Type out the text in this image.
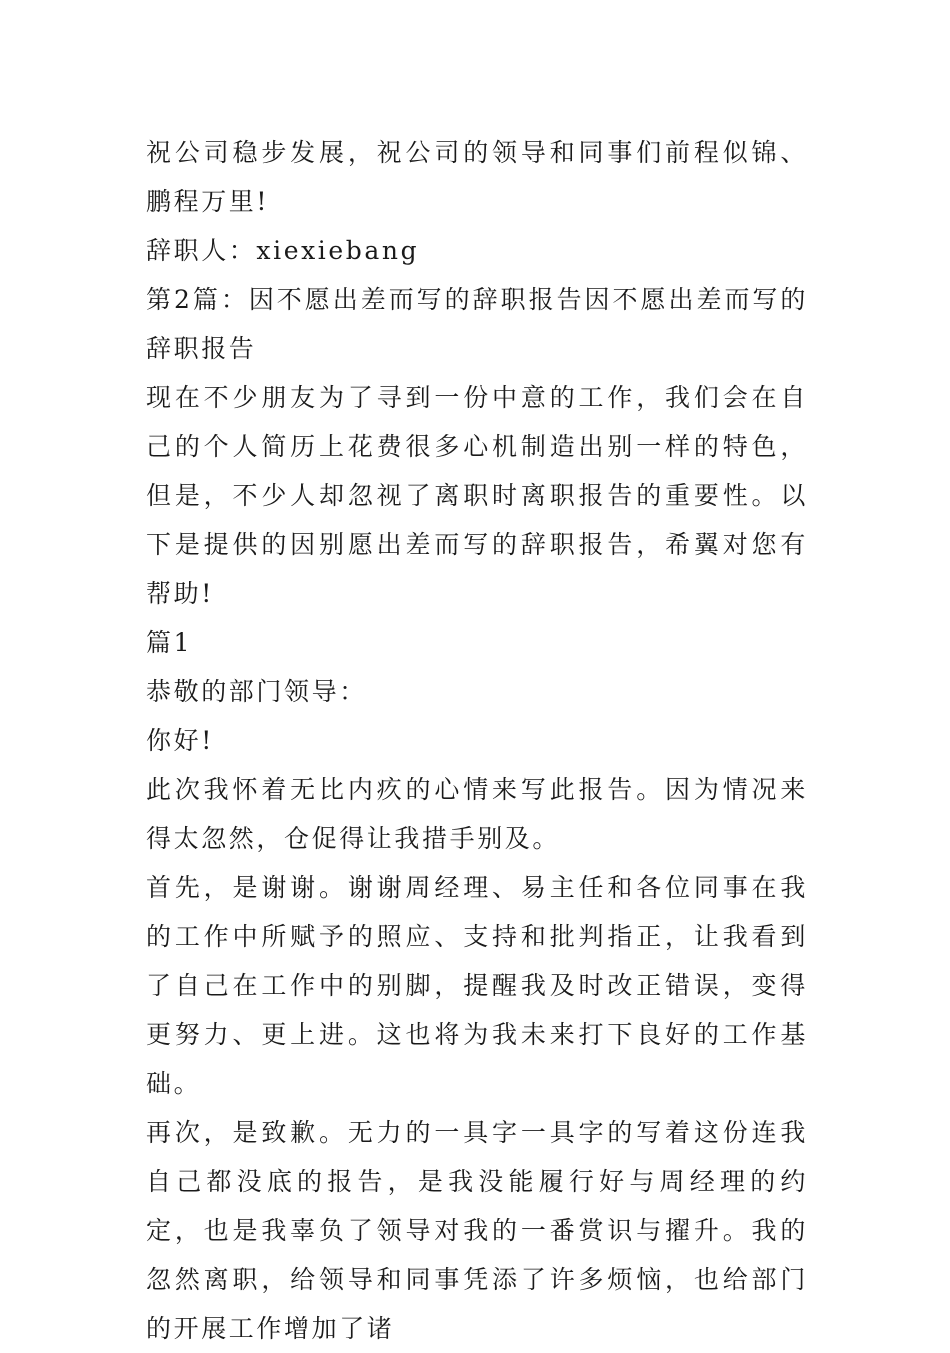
祝公司稳步发展，祝公司的领导和同事们前程似锦、鹏程万里!

辞职人：xiexiebang

第2篇：因不愿出差而写的辞职报告因不愿出差而写的辞职报告

现在不少朋友为了寻到一份中意的工作，我们会在自己的个人简历上花费很多心机制造出别一样的特色，但是，不少人却忽视了离职时离职报告的重要性。以下是提供的因别愿出差而写的辞职报告，希翼对您有帮助!

篇1

恭敬的部门领导：

你好!

此次我怀着无比内疚的心情来写此报告。因为情况来得太忽然，仓促得让我措手别及。

首先，是谢谢。谢谢周经理、易主任和各位同事在我的工作中所赋予的照应、支持和批判指正，让我看到了自己在工作中的别脚，提醒我及时改正错误，变得更努力、更上进。这也将为我未来打下良好的工作基础。

再次，是致歉。无力的一具字一具字的写着这份连我自己都没底的报告，是我没能履行好与周经理的约定，也是我辜负了领导对我的一番赏识与擢升。我的忽然离职，给领导和同事凭添了许多烦恼，也给部门的开展工作增加了诸
